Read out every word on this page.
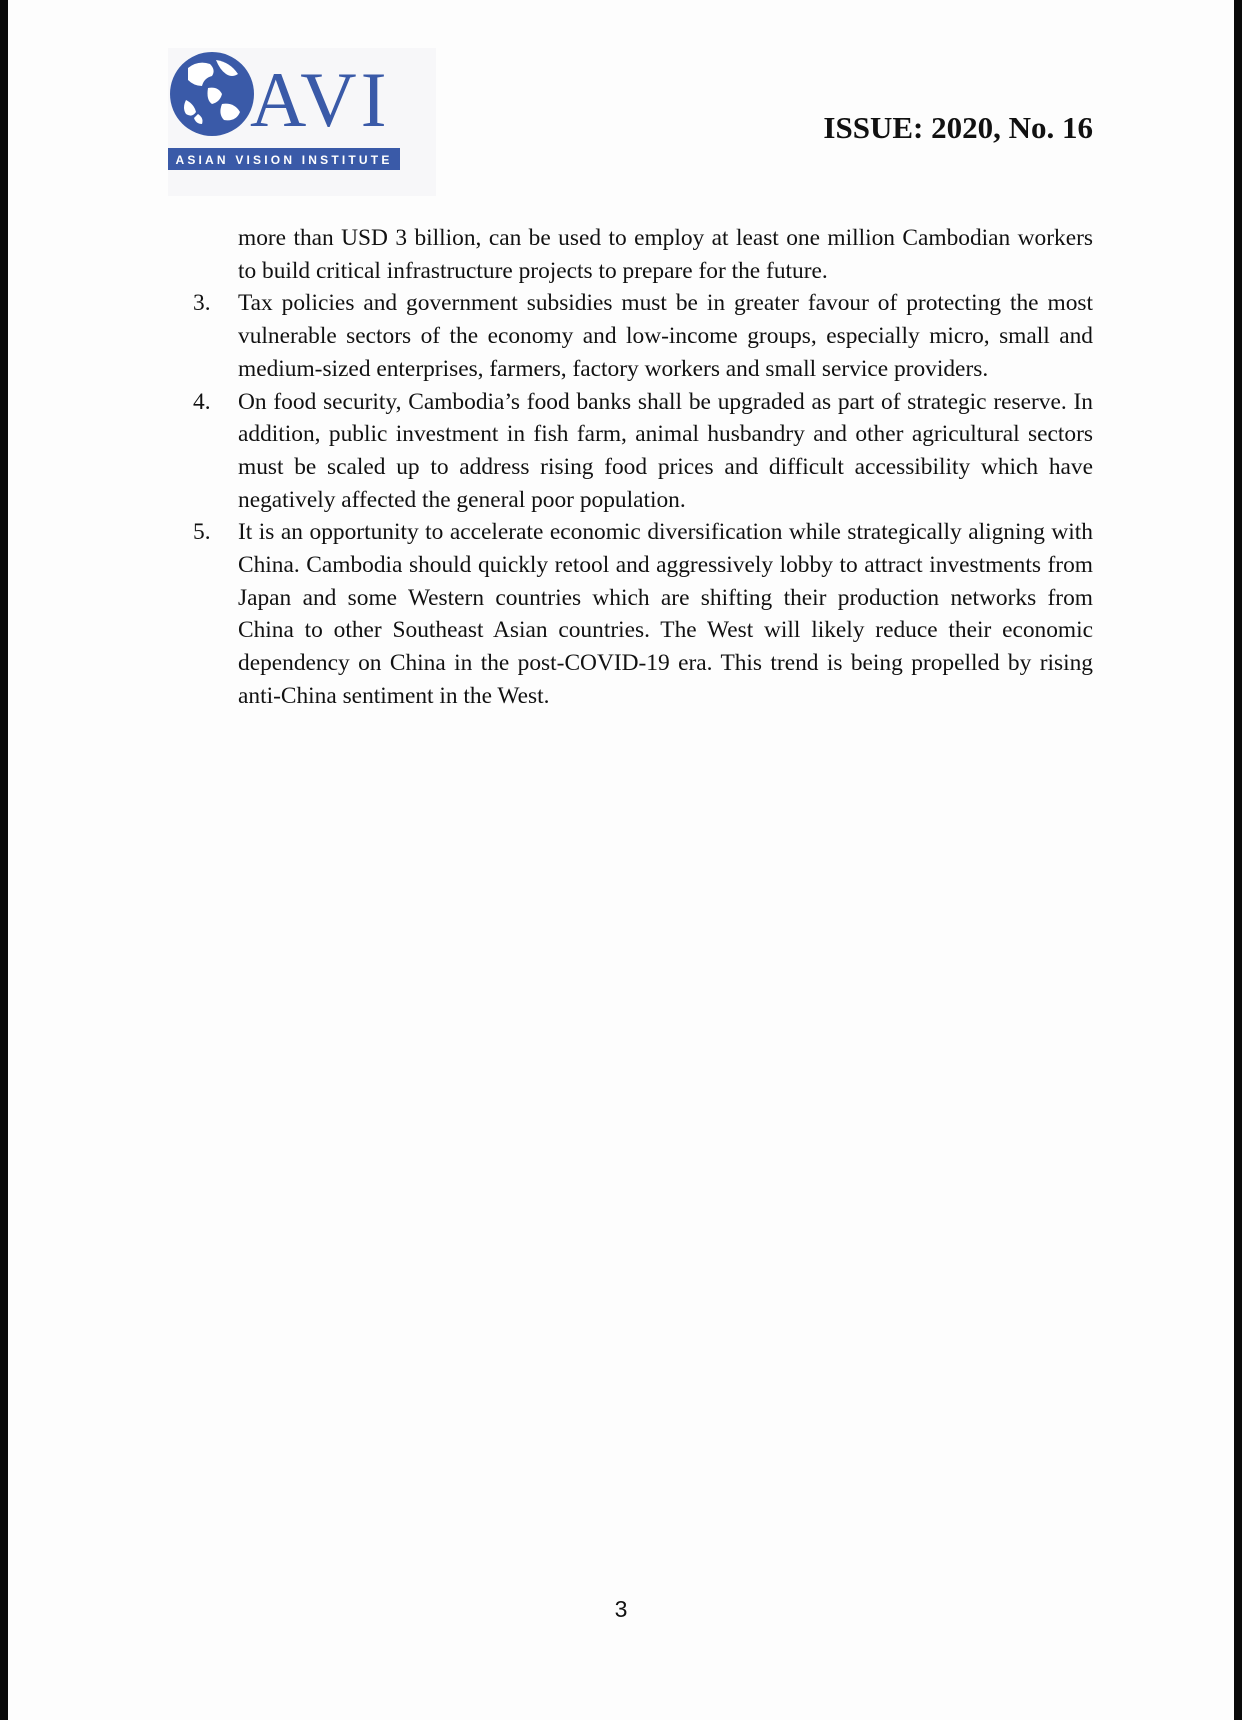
AVI
ASIAN VISION INSTITUTE
ISSUE: 2020, No. 16

more than USD 3 billion, can be used to employ at least one million Cambodian workers to build critical infrastructure projects to prepare for the future.

3.	Tax policies and government subsidies must be in greater favour of protecting the most vulnerable sectors of the economy and low-income groups, especially micro, small and medium-sized enterprises, farmers, factory workers and small service providers.
4.	On food security, Cambodia’s food banks shall be upgraded as part of strategic reserve. In addition, public investment in fish farm, animal husbandry and other agricultural sectors must be scaled up to address rising food prices and difficult accessibility which have negatively affected the general poor population.
5.	It is an opportunity to accelerate economic diversification while strategically aligning with China. Cambodia should quickly retool and aggressively lobby to attract investments from Japan and some Western countries which are shifting their production networks from China to other Southeast Asian countries. The West will likely reduce their economic dependency on China in the post-COVID-19 era. This trend is being propelled by rising anti-China sentiment in the West.
3
